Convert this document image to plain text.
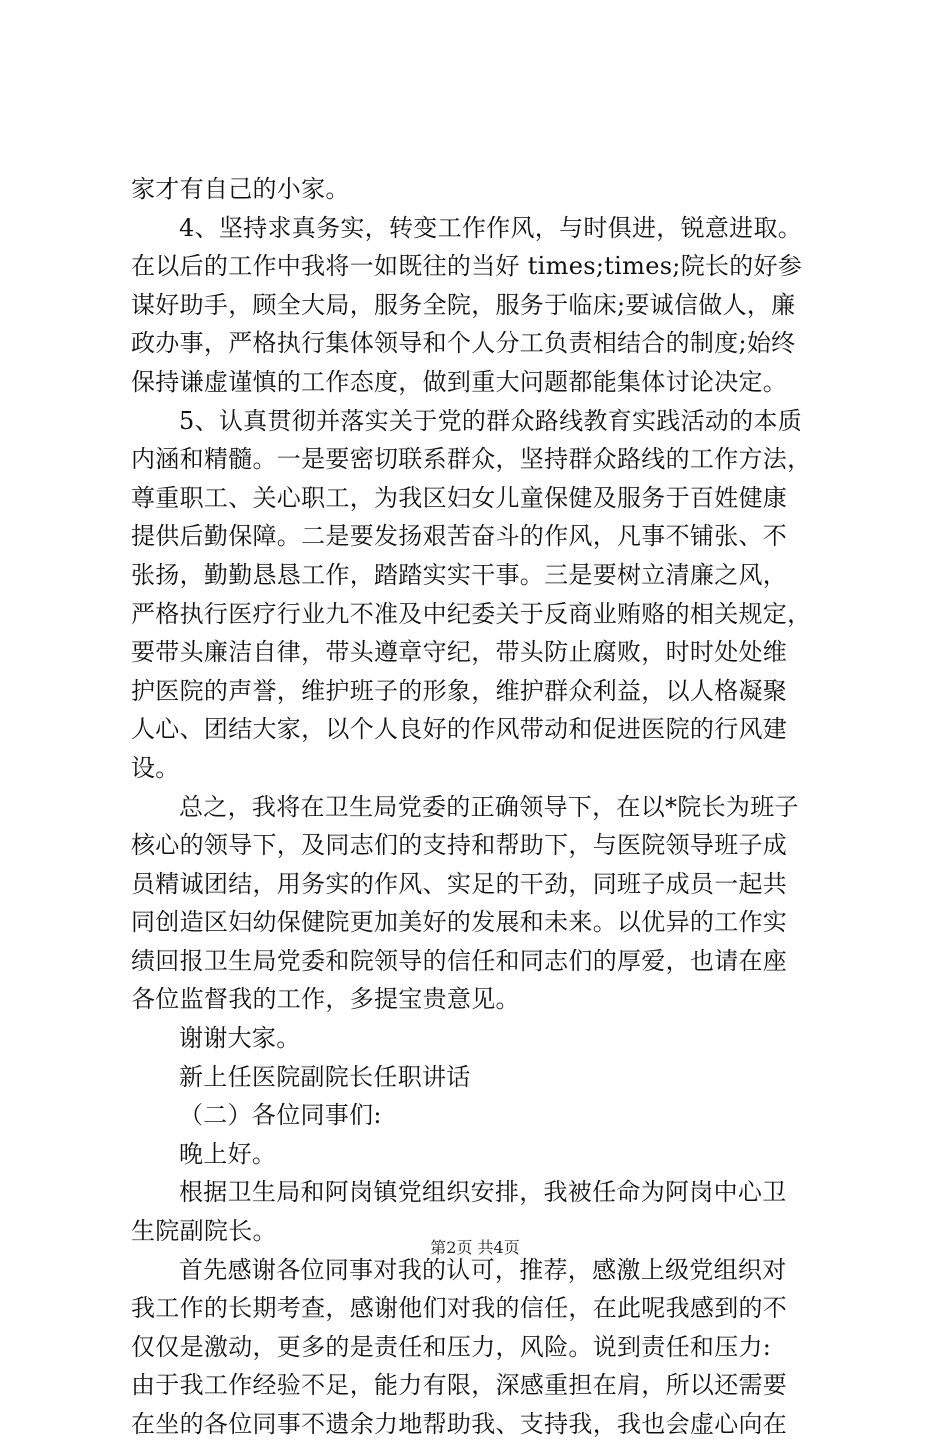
家才有自己的小家。
4、坚持求真务实，转变工作作风，与时俱进，锐意进取。
在以后的工作中我将一如既往的当好 times;times;院长的好参
谋好助手，顾全大局，服务全院，服务于临床;要诚信做人，廉
政办事，严格执行集体领导和个人分工负责相结合的制度;始终
保持谦虚谨慎的工作态度，做到重大问题都能集体讨论决定。
5、认真贯彻并落实关于党的群众路线教育实践活动的本质
内涵和精髓。一是要密切联系群众，坚持群众路线的工作方法，
尊重职工、关心职工，为我区妇女儿童保健及服务于百姓健康
提供后勤保障。二是要发扬艰苦奋斗的作风，凡事不铺张、不
张扬，勤勤恳恳工作，踏踏实实干事。三是要树立清廉之风，
严格执行医疗行业九不准及中纪委关于反商业贿赂的相关规定，
要带头廉洁自律，带头遵章守纪，带头防止腐败，时时处处维
护医院的声誉，维护班子的形象，维护群众利益，以人格凝聚
人心、团结大家，以个人良好的作风带动和促进医院的行风建
设。
总之，我将在卫生局党委的正确领导下，在以*院长为班子
核心的领导下，及同志们的支持和帮助下，与医院领导班子成
员精诚团结，用务实的作风、实足的干劲，同班子成员一起共
同创造区妇幼保健院更加美好的发展和未来。以优异的工作实
绩回报卫生局党委和院领导的信任和同志们的厚爱，也请在座
各位监督我的工作，多提宝贵意见。
谢谢大家。
新上任医院副院长任职讲话
（二）各位同事们:
晚上好。
根据卫生局和阿岗镇党组织安排，我被任命为阿岗中心卫
生院副院长。
首先感谢各位同事对我的认可，推荐，感激上级党组织对
我工作的长期考查，感谢他们对我的信任，在此呢我感到的不
仅仅是激动，更多的是责任和压力，风险。说到责任和压力:
由于我工作经验不足，能力有限，深感重担在肩，所以还需要
在坐的各位同事不遗余力地帮助我、支持我，我也会虚心向在
第2页 共4页
